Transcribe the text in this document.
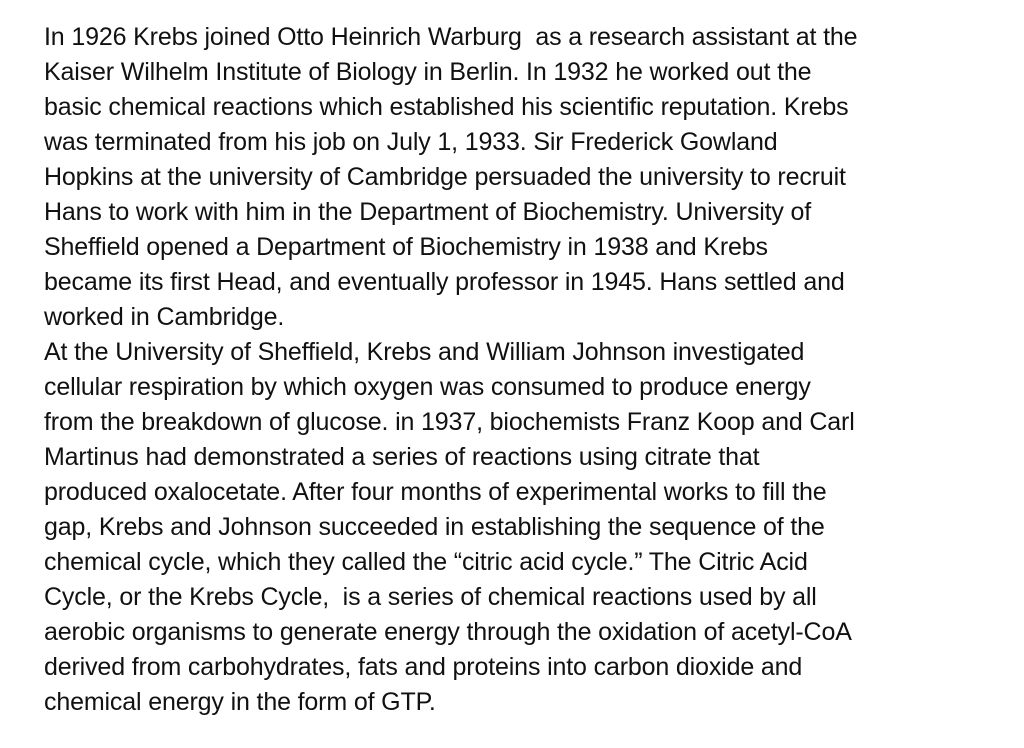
In 1926 Krebs joined Otto Heinrich Warburg  as a research assistant at the
Kaiser Wilhelm Institute of Biology in Berlin. In 1932 he worked out the
basic chemical reactions which established his scientific reputation. Krebs
was terminated from his job on July 1, 1933. Sir Frederick Gowland
Hopkins at the university of Cambridge persuaded the university to recruit
Hans to work with him in the Department of Biochemistry. University of
Sheffield opened a Department of Biochemistry in 1938 and Krebs
became its first Head, and eventually professor in 1945. Hans settled and
worked in Cambridge.

At the University of Sheffield, Krebs and William Johnson investigated
cellular respiration by which oxygen was consumed to produce energy
from the breakdown of glucose. in 1937, biochemists Franz Koop and Carl
Martinus had demonstrated a series of reactions using citrate that
produced oxalocetate. After four months of experimental works to fill the
gap, Krebs and Johnson succeeded in establishing the sequence of the
chemical cycle, which they called the “citric acid cycle.” The Citric Acid
Cycle, or the Krebs Cycle,  is a series of chemical reactions used by all
aerobic organisms to generate energy through the oxidation of acetyl-CoA
derived from carbohydrates, fats and proteins into carbon dioxide and
chemical energy in the form of GTP.
